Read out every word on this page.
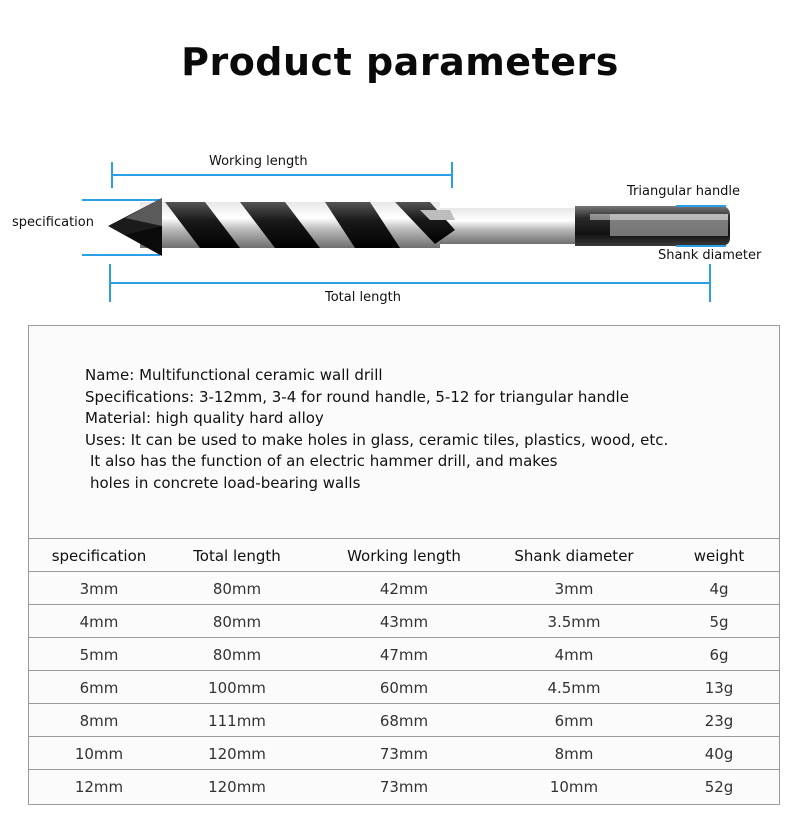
Product parameters
Working length
specification
Triangular handle
Shank diameter
Total length
Name: Multifunctional ceramic wall drill
Specifications: 3-12mm, 3-4 for round handle, 5-12 for triangular handle
Material: high quality hard alloy
Uses: It can be used to make holes in glass, ceramic tiles, plastics, wood, etc.
It also has the function of an electric hammer drill, and makes
holes in concrete load-bearing walls
specification	Total length	Working length	Shank diameter	weight
3mm	80mm	42mm	3mm	4g
4mm	80mm	43mm	3.5mm	5g
5mm	80mm	47mm	4mm	6g
6mm	100mm	60mm	4.5mm	13g
8mm	111mm	68mm	6mm	23g
10mm	120mm	73mm	8mm	40g
12mm	120mm	73mm	10mm	52g
